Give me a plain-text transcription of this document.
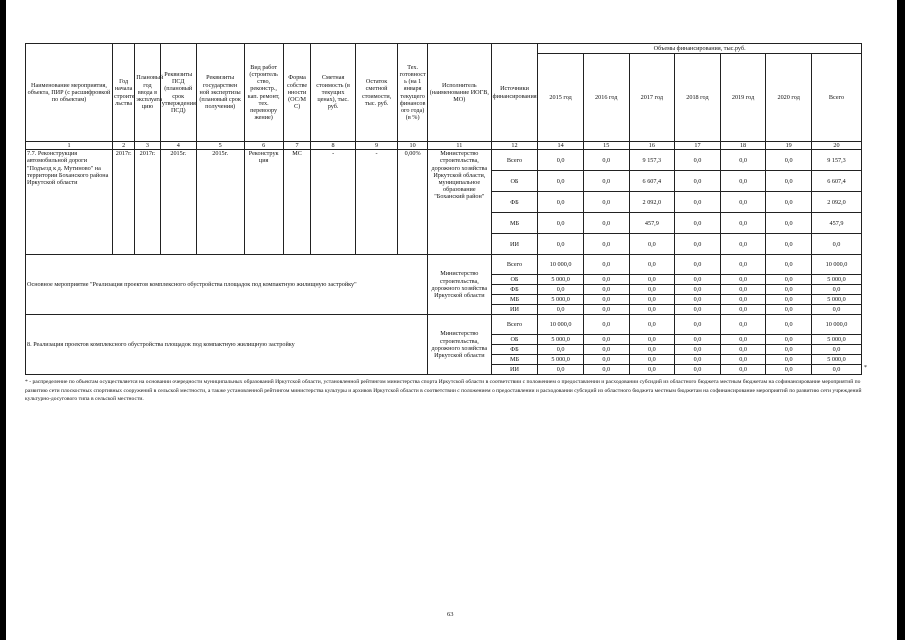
Наименование мероприятия, объекта, ПИР (с расшифровкой по объектам)	Год начала строите льства	Плановый год ввода в эксплуата цию	Реквизиты ПСД (плановый срок утверждения ПСД)	Реквизиты государствен ной экспертизы (плановый срок получения)	Вид работ (строитель ство, реконстр., кап. ремонт, тех. перевоору жение)	Форма собстве нности (ОС/М С)	Сметная стоимость (в текущих ценах), тыс. руб.	Остаток сметной стоимости, тыс. руб.	Тех. готовност ь (на 1 января текущего финансов ого года) (в %)	Исполнитель (наименование ИОГВ, МО)	Источники финансирования	Объемы финансирования, тыс.руб.						
												2015 год	2016 год	2017 год	2018 год	2019 год	2020 год	Всего
1	2	3	4	5	6	7	8	9	10	11	12	14	15	16	17	18	19	20
7.7. Реконструкция автомобильной дороги "Подъезд к д. Мутиново" на территории Боханского района Иркутской области	2017г.	2017г.	2015г.	2015г.	Реконструк ция	МС	-	-	0,00%	Министерство строительства, дорожного хозяйства Иркутской области, муниципальное образование "Боханский район"	Всего	0,0	0,0	9 157,3	0,0	0,0	0,0	9 157,3
											ОБ	0,0	0,0	6 607,4	0,0	0,0	0,0	6 607,4
											ФБ	0,0	0,0	2 092,0	0,0	0,0	0,0	2 092,0
											МБ	0,0	0,0	457,9	0,0	0,0	0,0	457,9
											ИИ	0,0	0,0	0,0	0,0	0,0	0,0	0,0
Основное мероприятие "Реализация проектов комплексного обустройства площадок под компактную жилищную застройку"										Министерство строительства, дорожного хозяйства Иркутской области	Всего	10 000,0	0,0	0,0	0,0	0,0	0,0	10 000,0
											ОБ	5 000,0	0,0	0,0	0,0	0,0	0,0	5 000,0
											ФБ	0,0	0,0	0,0	0,0	0,0	0,0	0,0
											МБ	5 000,0	0,0	0,0	0,0	0,0	0,0	5 000,0
											ИИ	0,0	0,0	0,0	0,0	0,0	0,0	0,0
8. Реализация проектов комплексного обустройства площадок под компактную жилищную застройку										Министерство строительства, дорожного хозяйства Иркутской области	Всего	10 000,0	0,0	0,0	0,0	0,0	0,0	10 000,0
											ОБ	5 000,0	0,0	0,0	0,0	0,0	0,0	5 000,0
											ФБ	0,0	0,0	0,0	0,0	0,0	0,0	0,0
											МБ	5 000,0	0,0	0,0	0,0	0,0	0,0	5 000,0
											ИИ	0,0	0,0	0,0	0,0	0,0	0,0	0,0	*
* - распределение по объектам осуществляется на основании очередности муниципальных образований Иркутской области, установленной рейтингом министерства спорта Иркутской области в соответствии с положением о предоставлении и расходовании субсидий из областного бюджета местным бюджетам на софинансирование мероприятий по развитию сети плоскостных спортивных сооружений в сельской местности, а также установленной рейтингом министерства культуры и архивов Иркутской области в соответствии с положением о предоставлении и расходовании субсидий из областного бюджета местным бюджетам на софинансирование мероприятий по развитию сети учреждений культурно-досугового типа в сельской местности.
63
